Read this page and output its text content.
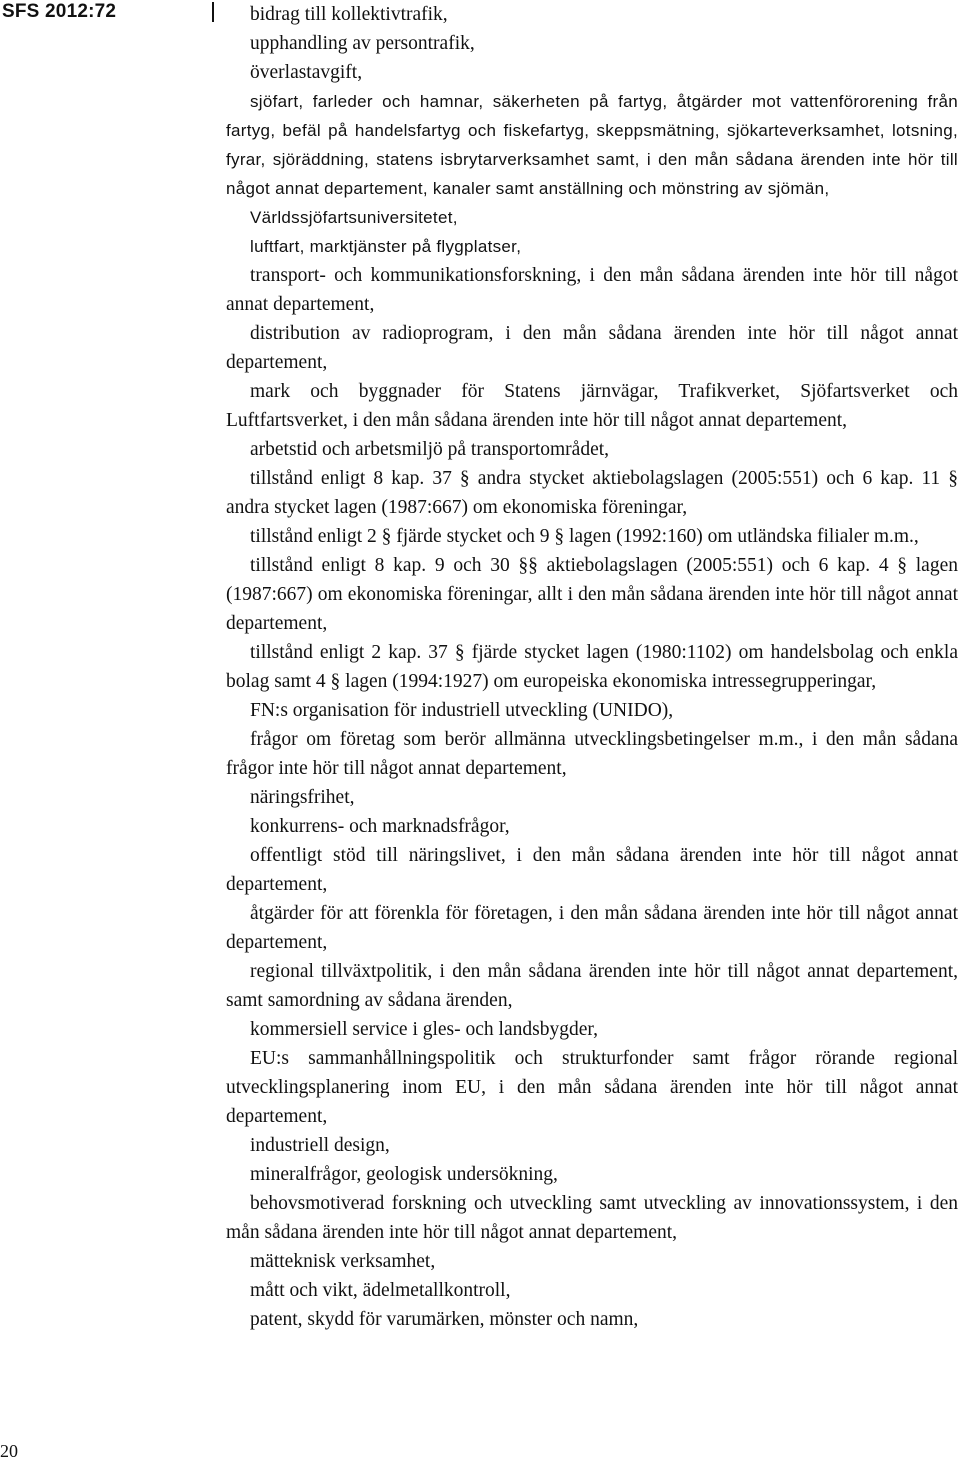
SFS 2012:72	bidrag till kollektivtrafik,

upphandling av persontrafik,

överlastavgift,

sjöfart, farleder och hamnar, säkerheten på fartyg, åtgärder mot vattenförorening från fartyg, befäl på handelsfartyg och fiskefartyg, skeppsmätning, sjökarteverksamhet, lotsning, fyrar, sjöräddning, statens isbrytarverksamhet samt, i den mån sådana ärenden inte hör till något annat departement, kanaler samt anställning och mönstring av sjömän,

Världssjöfartsuniversitetet,

luftfart, marktjänster på flygplatser,

transport- och kommunikationsforskning, i den mån sådana ärenden inte hör till något annat departement,

distribution av radioprogram, i den mån sådana ärenden inte hör till något annat departement,

mark och byggnader för Statens järnvägar, Trafikverket, Sjöfartsverket och Luftfartsverket, i den mån sådana ärenden inte hör till något annat departement,

arbetstid och arbetsmiljö på transportområdet,

tillstånd enligt 8 kap. 37 § andra stycket aktiebolagslagen (2005:551) och 6 kap. 11 § andra stycket lagen (1987:667) om ekonomiska föreningar,

tillstånd enligt 2 § fjärde stycket och 9 § lagen (1992:160) om utländska filialer m.m.,

tillstånd enligt 8 kap. 9 och 30 §§ aktiebolagslagen (2005:551) och 6 kap. 4 § lagen (1987:667) om ekonomiska föreningar, allt i den mån sådana ärenden inte hör till något annat departement,

tillstånd enligt 2 kap. 37 § fjärde stycket lagen (1980:1102) om handelsbolag och enkla bolag samt 4 § lagen (1994:1927) om europeiska ekonomiska intressegrupperingar,

FN:s organisation för industriell utveckling (UNIDO),

frågor om företag som berör allmänna utvecklingsbetingelser m.m., i den mån sådana frågor inte hör till något annat departement,

näringsfrihet,

konkurrens- och marknadsfrågor,

offentligt stöd till näringslivet, i den mån sådana ärenden inte hör till något annat departement,

åtgärder för att förenkla för företagen, i den mån sådana ärenden inte hör till något annat departement,

regional tillväxtpolitik, i den mån sådana ärenden inte hör till något annat departement, samt samordning av sådana ärenden,

kommersiell service i gles- och landsbygder,

EU:s sammanhållningspolitik och strukturfonder samt frågor rörande regional utvecklingsplanering inom EU, i den mån sådana ärenden inte hör till något annat departement,

industriell design,

mineralfrågor, geologisk undersökning,

behovsmotiverad forskning och utveckling samt utveckling av innovationssystem, i den mån sådana ärenden inte hör till något annat departement,

mätteknisk verksamhet,

mått och vikt, ädelmetallkontroll,

patent, skydd för varumärken, mönster och namn,

20
